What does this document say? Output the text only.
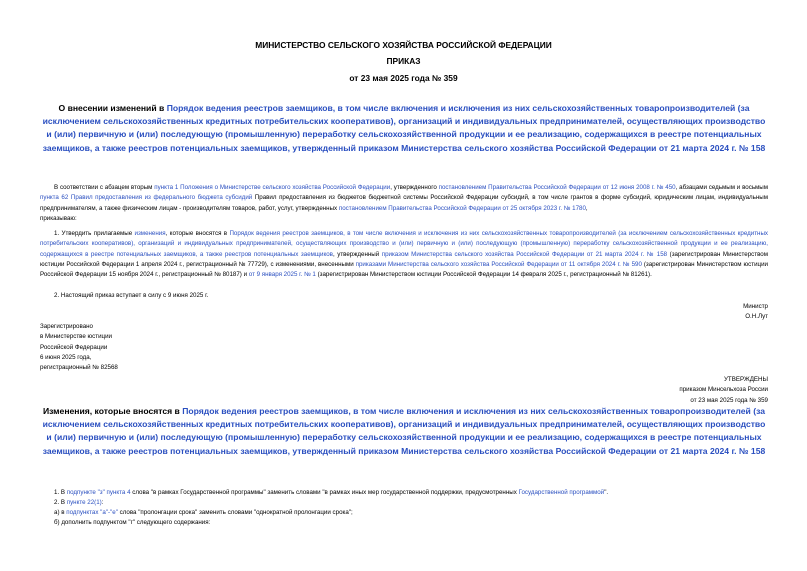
МИНИСТЕРСТВО СЕЛЬСКОГО ХОЗЯЙСТВА РОССИЙСКОЙ ФЕДЕРАЦИИ
ПРИКАЗ
от 23 мая 2025 года № 359
О внесении изменений в Порядок ведения реестров заемщиков, в том числе включения и исключения из них сельскохозяйственных товаропроизводителей (за исключением сельскохозяйственных кредитных потребительских кооперативов), организаций и индивидуальных предпринимателей, осуществляющих производство и (или) первичную и (или) последующую (промышленную) переработку сельскохозяйственной продукции и ее реализацию, содержащихся в реестре потенциальных заемщиков, а также реестров потенциальных заемщиков, утвержденный приказом Министерства сельского хозяйства Российской Федерации от 21 марта 2024 г. № 158
В соответствии с абзацем вторым пункта 1 Положения о Министерстве сельского хозяйства Российской Федерации, утвержденного постановлением Правительства Российской Федерации от 12 июня 2008 г. № 450, абзацами седьмым и восьмым пункта 62 Правил предоставления из федерального бюджета субсидий Правил предоставления из бюджетов бюджетной системы Российской Федерации субсидий, в том числе грантов в форме субсидий, юридическим лицам, индивидуальным предпринимателям, а также физическим лицам - производителям товаров, работ, услуг, утвержденных постановлением Правительства Российской Федерации от 25 октября 2023 г. № 1780,
приказываю:
1. Утвердить прилагаемые изменения, которые вносятся в Порядок ведения реестров заемщиков, в том числе включения и исключения из них сельскохозяйственных товаропроизводителей (за исключением сельскохозяйственных кредитных потребительских кооперативов), организаций и индивидуальных предпринимателей, осуществляющих производство и (или) первичную и (или) последующую (промышленную) переработку сельскохозяйственной продукции и ее реализацию, содержащихся в реестре потенциальных заемщиков, а также реестров потенциальных заемщиков, утвержденный приказом Министерства сельского хозяйства Российской Федерации от 21 марта 2024 г. № 158 (зарегистрирован Министерством юстиции Российской Федерации 1 апреля 2024 г., регистрационный № 77729), с изменениями, внесенными приказами Министерства сельского хозяйства Российской Федерации от 11 октября 2024 г. № 590 (зарегистрирован Министерством юстиции Российской Федерации 15 ноября 2024 г., регистрационный № 80187) и от 9 января 2025 г. № 1 (зарегистрирован Министерством юстиции Российской Федерации 14 февраля 2025 г., регистрационный № 81261).
2. Настоящий приказ вступает в силу с 9 июня 2025 г.
Министр
О.Н.Лут
Зарегистрировано
в Министерстве юстиции
Российской Федерации
6 июня 2025 года,
регистрационный № 82568
УТВЕРЖДЕНЫ
приказом Минсельхоза России
от 23 мая 2025 года № 359
Изменения, которые вносятся в Порядок ведения реестров заемщиков, в том числе включения и исключения из них сельскохозяйственных товаропроизводителей (за исключением сельскохозяйственных кредитных потребительских кооперативов), организаций и индивидуальных предпринимателей, осуществляющих производство и (или) первичную и (или) последующую (промышленную) переработку сельскохозяйственной продукции и ее реализацию, содержащихся в реестре потенциальных заемщиков, а также реестров потенциальных заемщиков, утвержденный приказом Министерства сельского хозяйства Российской Федерации от 21 марта 2024 г. № 158
1. В подпункте "з" пункта 4 слова "в рамках Государственной программы" заменить словами "в рамках иных мер государственной поддержки, предусмотренных Государственной программой".
2. В пункте 22(1):
а) в подпунктах "а"-"е" слова "пролонгации срока" заменить словами "однократной пролонгации срока";
б) дополнить подпунктом "г" следующего содержания:
